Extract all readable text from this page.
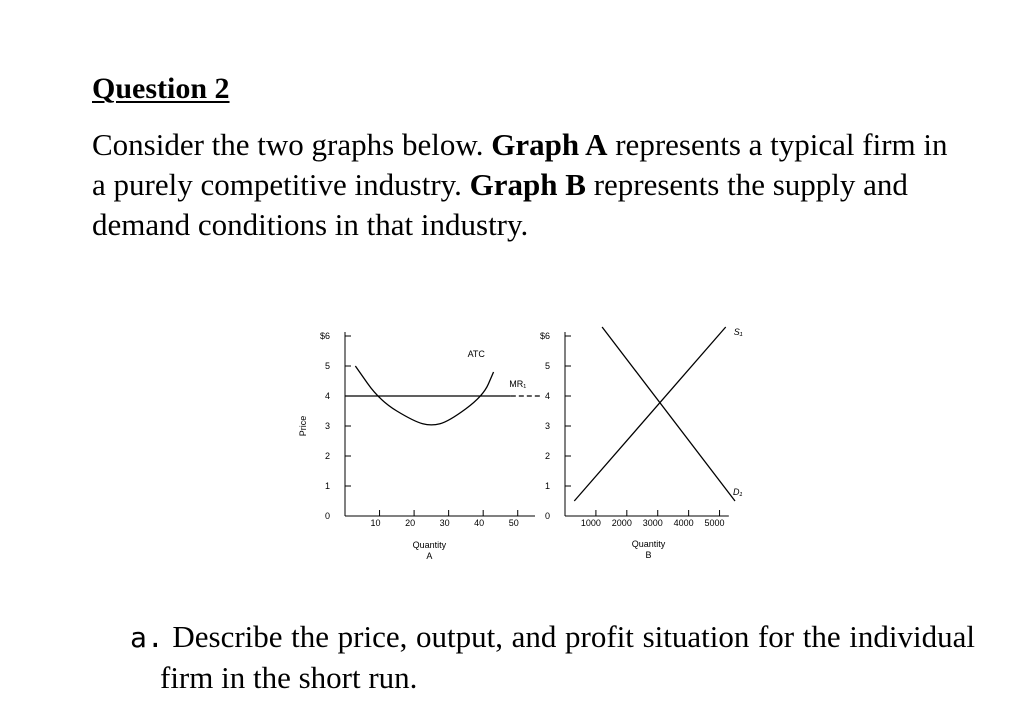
Question 2

Consider the two graphs below. Graph A represents a typical firm in a purely competitive industry. Graph B represents the supply and demand conditions in that industry.

$6
5
4
3
2
1
0
10	20	30	40	50
Price
Quantity
A
ATC
MR₁
$6
5
4
3
2
1
0
1000 2000 3000 4000 5000
Quantity
B
S₁
D₁

a. Describe the price, output, and profit situation for the individual firm in the short run.
